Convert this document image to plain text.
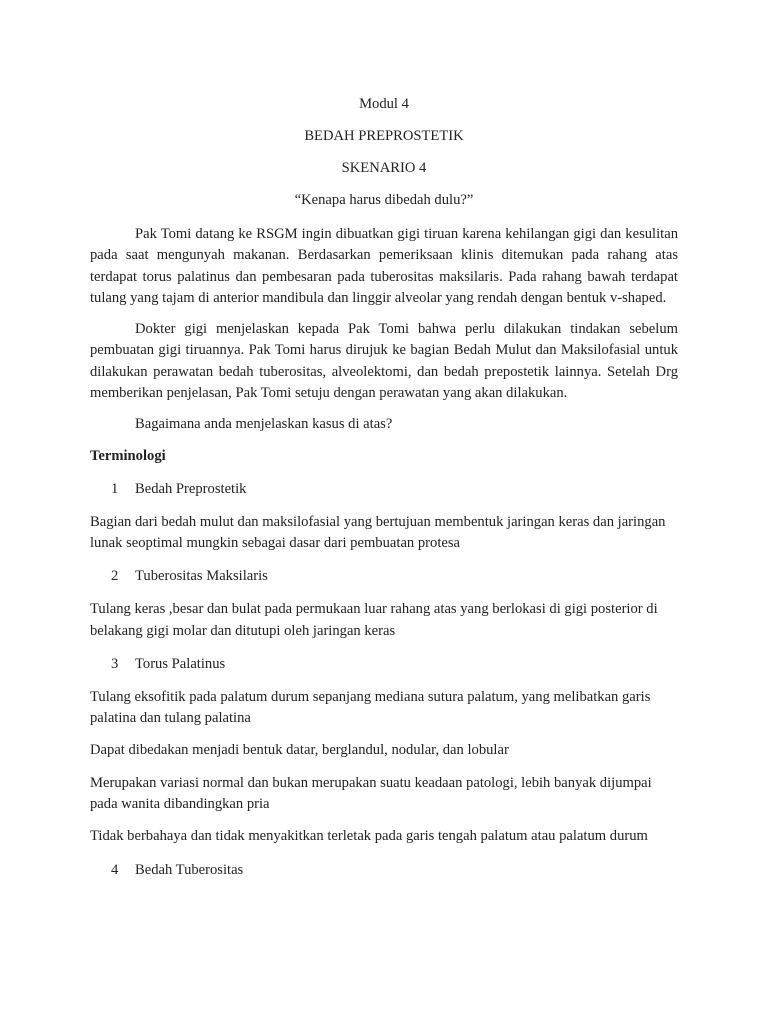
Modul 4
BEDAH PREPROSTETIK
SKENARIO 4
“Kenapa harus dibedah dulu?”

Pak Tomi datang ke RSGM ingin dibuatkan gigi tiruan karena kehilangan gigi dan kesulitan pada saat mengunyah makanan. Berdasarkan pemeriksaan klinis ditemukan pada rahang atas terdapat torus palatinus dan pembesaran pada tuberositas maksilaris. Pada rahang bawah terdapat tulang yang tajam di anterior mandibula dan linggir alveolar yang rendah dengan bentuk v-shaped.

Dokter gigi menjelaskan kepada Pak Tomi bahwa perlu dilakukan tindakan sebelum pembuatan gigi tiruannya. Pak Tomi harus dirujuk ke bagian Bedah Mulut dan Maksilofasial untuk dilakukan perawatan bedah tuberositas, alveolektomi, dan bedah prepostetik lainnya. Setelah Drg memberikan penjelasan, Pak Tomi setuju dengan perawatan yang akan dilakukan.

Bagaimana anda menjelaskan kasus di atas?

Terminologi
1	Bedah Preprostetik
Bagian dari bedah mulut dan maksilofasial yang bertujuan membentuk jaringan keras dan jaringan lunak seoptimal mungkin sebagai dasar dari pembuatan protesa
2	Tuberositas Maksilaris
Tulang keras ,besar dan bulat pada permukaan luar rahang atas yang berlokasi di gigi posterior di belakang gigi molar dan ditutupi oleh jaringan keras
3	Torus Palatinus
Tulang eksofitik pada palatum durum sepanjang mediana sutura palatum, yang melibatkan garis palatina dan tulang palatina
Dapat dibedakan menjadi bentuk datar, berglandul, nodular, dan lobular
Merupakan variasi normal dan bukan merupakan suatu keadaan patologi, lebih banyak dijumpai pada wanita dibandingkan pria
Tidak berbahaya dan tidak menyakitkan terletak pada garis tengah palatum atau palatum durum
4	Bedah Tuberositas
